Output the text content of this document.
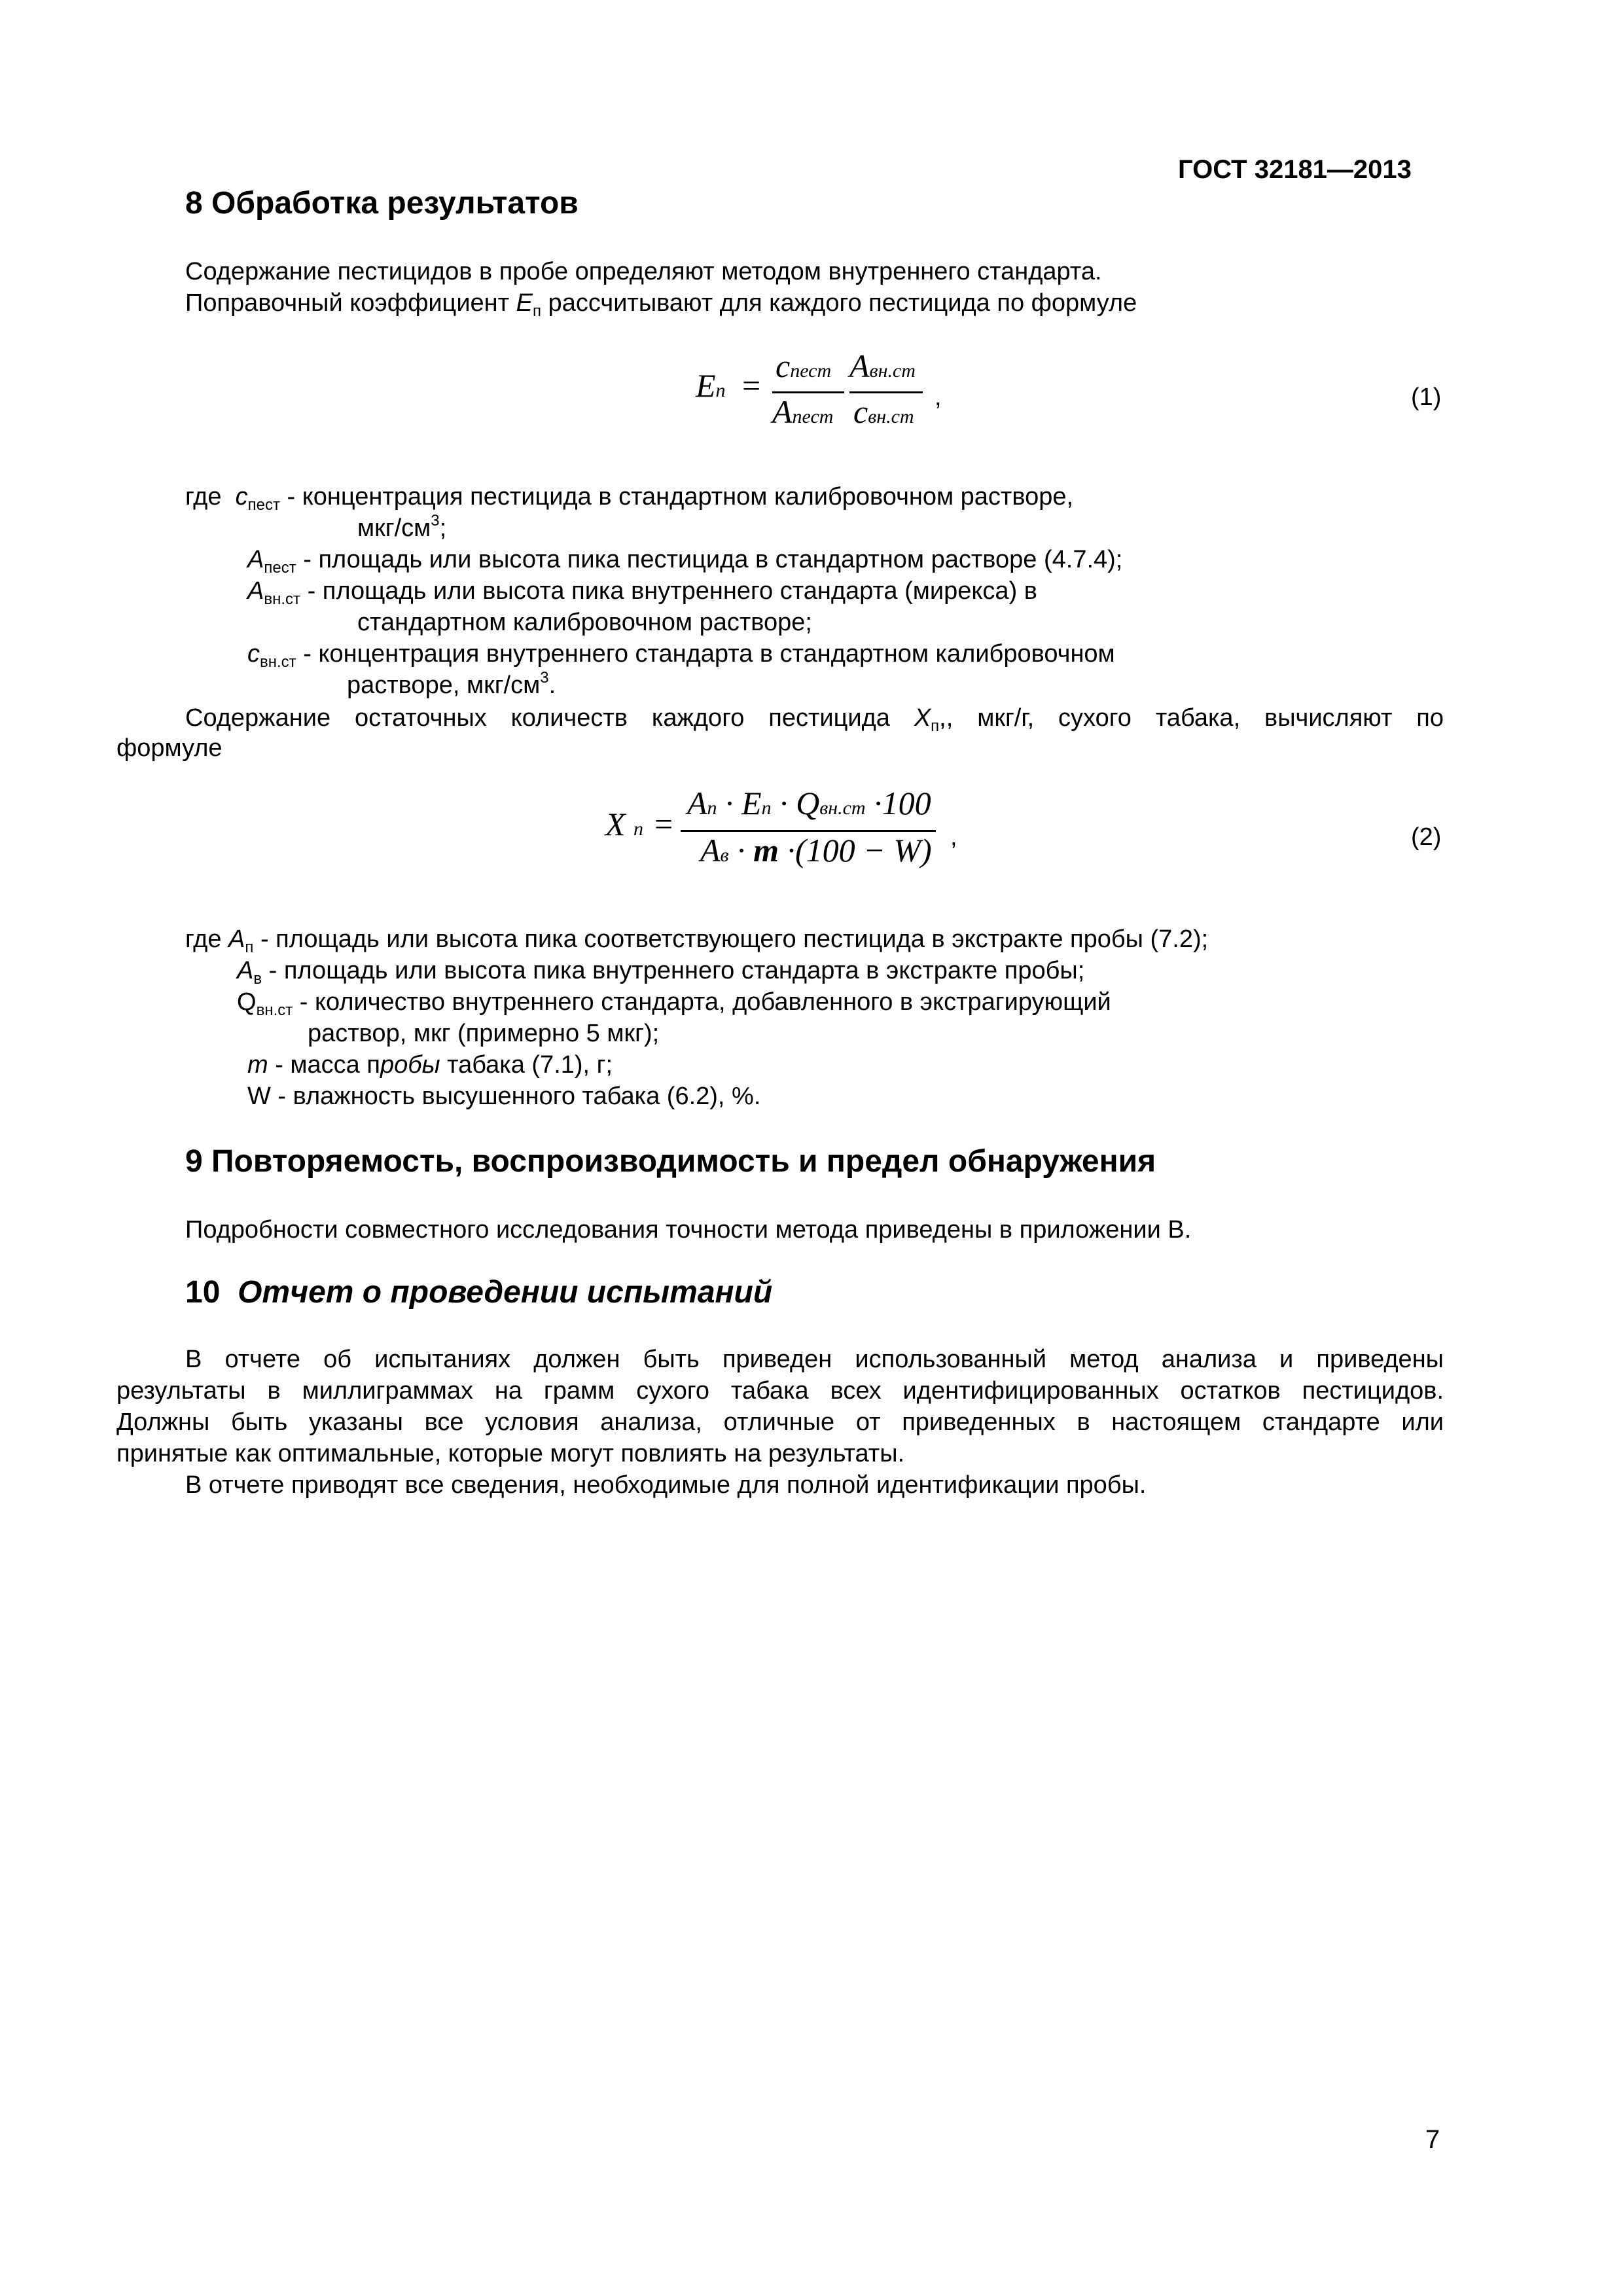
ГОСТ 32181—2013
8 Обработка результатов
Содержание пестицидов в пробе определяют методом внутреннего стандарта.
Поправочный коэффициент $E_п$ рассчитывают для каждого пестицида по формуле
En =
cпест
Aпест
Aвн.ст
cвн.ст
,	(1)
где $c_{пест}$ - концентрация пестицида в стандартном калибровочном растворе,
мкг/$см^3$;
$A_{пест}$ - площадь или высота пика пестицида в стандартном растворе (4.7.4);
$A_{вн.ст}$ - площадь или высота пика внутреннего стандарта (мирекса) в
стандартном калибровочном растворе;
$c_{вн.ст}$ - концентрация внутреннего стандарта в стандартном калибровочном
растворе, мкг/$см^3$.
Содержание остаточных количеств каждого пестицида $X_п$,, мкг/г, сухого табака, вычисляют по
формуле
X n =
An · En · Qвн.ст ·100
Aв · m ·(100 − W) ,	(2)
где $A_п$ - площадь или высота пика соответствующего пестицида в экстракте пробы (7.2);
$A_в$ - площадь или высота пика внутреннего стандарта в экстракте пробы;
$Q_{вн.ст}$ - количество внутреннего стандарта, добавленного в экстрагирующий
раствор, мкг (примерно 5 мкг);
m - масса пробы табака (7.1), г;
W - влажность высушенного табака (6.2), %.
9 Повторяемость, воспроизводимость и предел обнаружения
Подробности совместного исследования точности метода приведены в приложении В.
10 Отчет о проведении испытаний
В отчете об испытаниях должен быть приведен использованный метод анализа и приведены
результаты в миллиграммах на грамм сухого табака всех идентифицированных остатков пестицидов.
Должны быть указаны все условия анализа, отличные от приведенных в настоящем стандарте или
принятые как оптимальные, которые могут повлиять на результаты.
В отчете приводят все сведения, необходимые для полной идентификации пробы.
7
